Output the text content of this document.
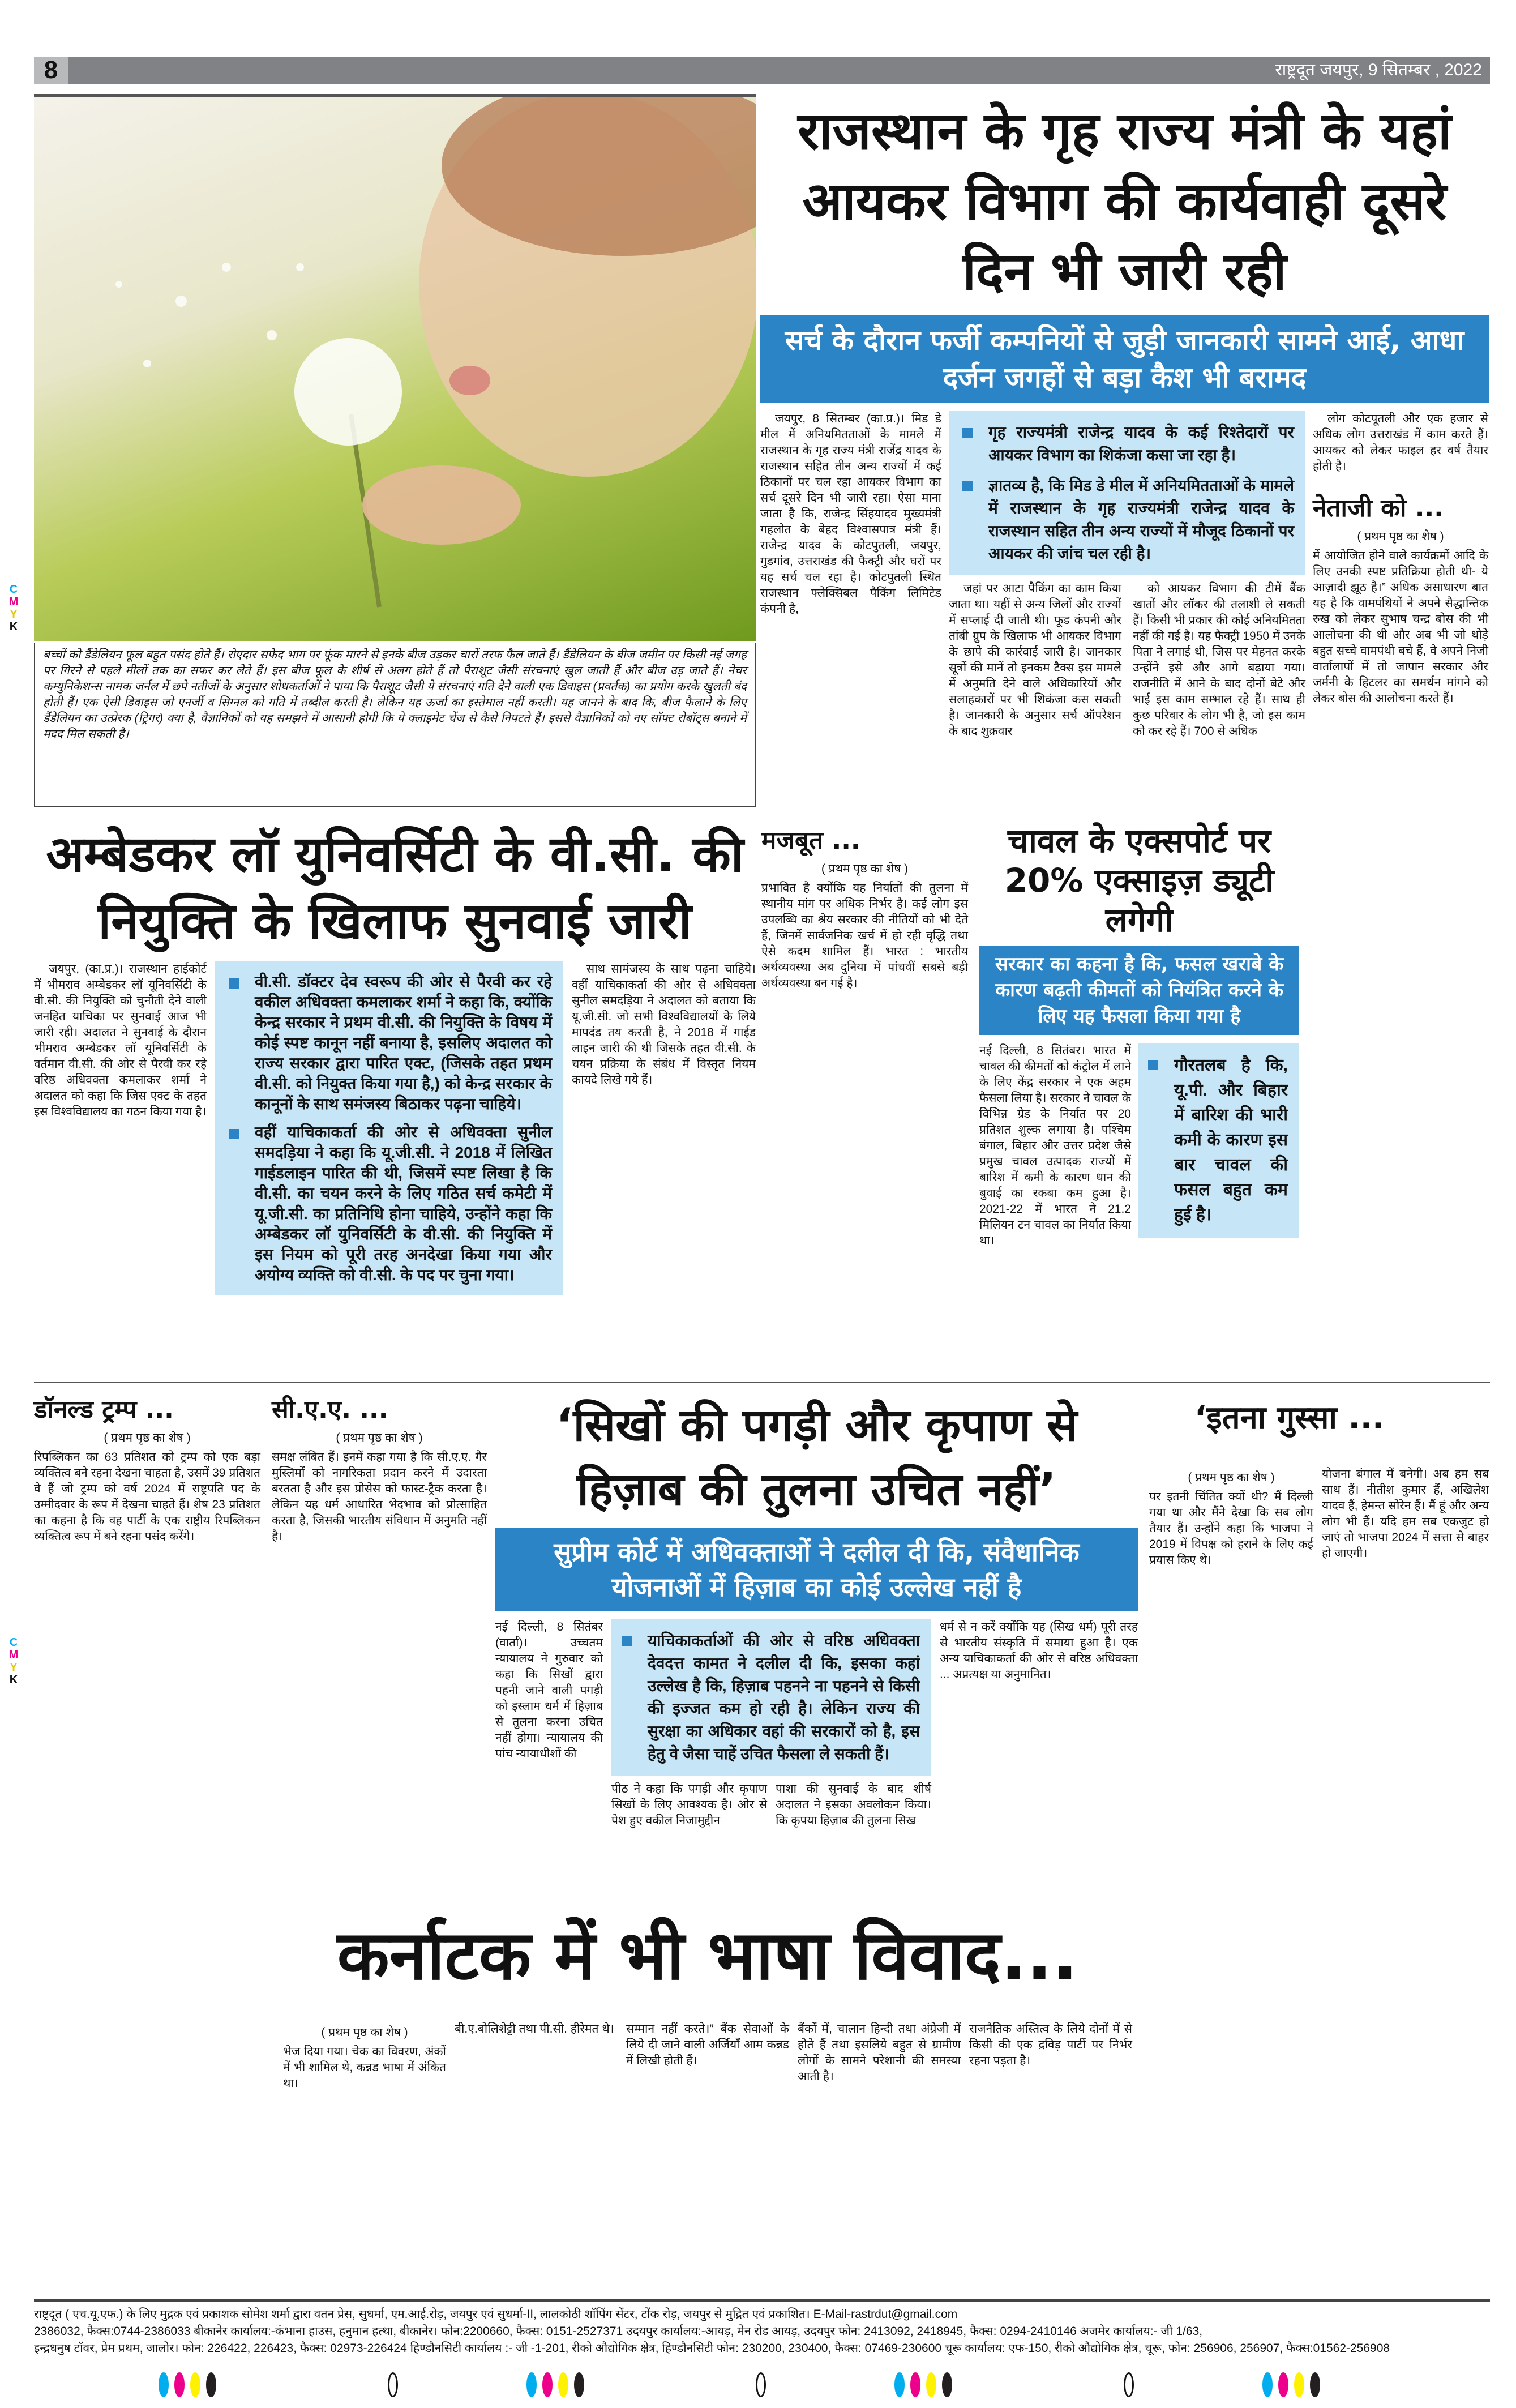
8	राष्ट्रदूत जयपुर, 9 सितम्बर , 2022
C
M
Y
K
C
M
Y
K
बच्चों को डैंडेलियन फूल बहुत पसंद होते हैं। रोएदार सफेद भाग पर फूंक मारने से इनके बीज उड़कर चारों तरफ फैल जाते हैं। डैंडेलियन के बीज जमीन पर किसी नई जगह पर गिरने से पहले मीलों तक का सफर कर लेते हैं। इस बीज फूल के शीर्ष से अलग होते हैं तो पैराशूट जैसी संरचनाएं खुल जाती हैं और बीज उड़ जाते हैं। नेचर कम्युनिकेशन्स नामक जर्नल में छपे नतीजों के अनुसार शोधकर्ताओं ने पाया कि पैराशूट जैसी ये संरचनाएं गति देने वाली एक डिवाइस (प्रवर्तक) का प्रयोग करके खुलती बंद होती हैं। एक ऐसी डिवाइस जो एनर्जी व सिग्नल को गति में तब्दील करती है। लेकिन यह ऊर्जा का इस्तेमाल नहीं करती। यह जानने के बाद कि, बीज फैलाने के लिए डैंडेलियन का उत्प्रेरक (ट्रिगर) क्या है, वैज्ञानिकों को यह समझने में आसानी होगी कि ये क्लाइमेट चेंज से कैसे निपटते हैं। इससे वैज्ञानिकों को नए सॉफ्ट रोबॉट्स बनाने में मदद मिल सकती है।
राजस्थान के गृह राज्य मंत्री के यहां आयकर विभाग की कार्यवाही दूसरे दिन भी जारी रही
सर्च के दौरान फर्जी कम्पनियों से जुड़ी जानकारी सामने आई, आधा दर्जन जगहों से बड़ा कैश भी बरामद

जयपुर, 8 सितम्बर (का.प्र.)। मिड डे मील में अनियमितताओं के मामले में राजस्थान के गृह राज्य मंत्री राजेंद्र यादव के राजस्थान सहित तीन अन्य राज्यों में कई ठिकानों पर चल रहा आयकर विभाग का सर्च दूसरे दिन भी जारी रहा। ऐसा माना जाता है कि, राजेन्द्र सिंहयादव मुख्यमंत्री गहलोत के बेहद विश्वासपात्र मंत्री हैं। राजेन्द्र यादव के कोटपुतली, जयपुर, गुडगांव, उत्तराखंड की फैक्ट्री और घरों पर यह सर्च चल रहा है। कोटपुतली स्थित राजस्थान फ्लेक्सिबल पैकिंग लिमिटेड कंपनी है,

गृह राज्यमंत्री राजेन्द्र यादव के कई रिश्तेदारों पर आयकर विभाग का शिकंजा कसा जा रहा है।

ज्ञातव्य है, कि मिड डे मील में अनियमितताओं के मामले में राजस्थान के गृह राज्यमंत्री राजेन्द्र यादव के राजस्थान सहित तीन अन्य राज्यों में मौजूद ठिकानों पर आयकर की जांच चल रही है।

जहां पर आटा पैकिंग का काम किया जाता था। यहीं से अन्य जिलों और राज्यों में सप्लाई दी जाती थी। फूड कंपनी और तांबी ग्रुप के खिलाफ भी आयकर विभाग के छापे की कार्रवाई जारी है। जानकार सूत्रों की मानें तो इनकम टैक्स इस मामले में अनुमति देने वाले अधिकारियों और सलाहकारों पर भी शिकंजा कस सकती है। जानकारी के अनुसार सर्च ऑपरेशन के बाद शुक्रवार

को आयकर विभाग की टीमें बैंक खातों और लॉकर की तलाशी ले सकती हैं। किसी भी प्रकार की कोई अनियमितता नहीं की गई है। यह फैक्ट्री 1950 में उनके पिता ने लगाई थी, जिस पर मेहनत करके उन्होंने इसे और आगे बढ़ाया गया। राजनीति में आने के बाद दोनों बेटे और भाई इस काम सम्भाल रहे हैं। साथ ही कुछ परिवार के लोग भी है, जो इस काम को कर रहे हैं। 700 से अधिक

लोग कोटपूतली और एक हजार से अधिक लोग उत्तराखंड में काम करते हैं। आयकर को लेकर फाइल हर वर्ष तैयार होती है।

नेताजी को ...
( प्रथम पृष्ठ का शेष )
में आयोजित होने वाले कार्यक्रमों आदि के लिए उनकी स्पष्ट प्रतिक्रिया होती थी- ये आज़ादी झूठ है।” अधिक असाधारण बात यह है कि वामपंथियों ने अपने सैद्धान्तिक रुख को लेकर सुभाष चन्द्र बोस की भी आलोचना की थी और अब भी जो थोड़े बहुत सच्चे वामपंथी बचे हैं, वे अपने निजी वार्तालापों में तो जापान सरकार और जर्मनी के हिटलर का समर्थन मांगने को लेकर बोस की आलोचना करते हैं।
अम्बेडकर लॉ युनिवर्सिटी के वी.सी. की नियुक्ति के खिलाफ सुनवाई जारी

जयपुर, (का.प्र.)। राजस्थान हाईकोर्ट में भीमराव अम्बेडकर लॉ यूनिवर्सिटी के वी.सी. की नियुक्ति को चुनौती देने वाली जनहित याचिका पर सुनवाई आज भी जारी रही। अदालत ने सुनवाई के दौरान भीमराव अम्बेडकर लॉ यूनिवर्सिटी के वर्तमान वी.सी. की ओर से पैरवी कर रहे वरिष्ठ अधिवक्ता कमलाकर शर्मा ने अदालत को कहा कि जिस एक्ट के तहत इस विश्वविद्यालय का गठन किया गया है।

वी.सी. डॉक्टर देव स्वरूप की ओर से पैरवी कर रहे वकील अधिवक्ता कमलाकर शर्मा ने कहा कि, क्योंकि केन्द्र सरकार ने प्रथम वी.सी. की नियुक्ति के विषय में कोई स्पष्ट कानून नहीं बनाया है, इसलिए अदालत को राज्य सरकार द्वारा पारित एक्ट, (जिसके तहत प्रथम वी.सी. को नियुक्त किया गया है,) को केन्द्र सरकार के कानूनों के साथ समंजस्य बिठाकर पढ़ना चाहिये।

वहीं याचिकाकर्ता की ओर से अधिवक्ता सुनील समदड़िया ने कहा कि यू.जी.सी. ने 2018 में लिखित गाईडलाइन पारित की थी, जिसमें स्पष्ट लिखा है कि वी.सी. का चयन करने के लिए गठित सर्च कमेटी में यू.जी.सी. का प्रतिनिधि होना चाहिये, उन्होंने कहा कि अम्बेडकर लॉ युनिवर्सिटी के वी.सी. की नियुक्ति में इस नियम को पूरी तरह अनदेखा किया गया और अयोग्य व्यक्ति को वी.सी. के पद पर चुना गया।

साथ सामंजस्य के साथ पढ़ना चाहिये। वहीं याचिकाकर्ता की ओर से अधिवक्ता सुनील समदड़िया ने अदालत को बताया कि यू.जी.सी. जो सभी विश्वविद्यालयों के लिये मापदंड तय करती है, ने 2018 में गाईड लाइन जारी की थी जिसके तहत वी.सी. के चयन प्रक्रिया के संबंध में विस्तृत नियम कायदे लिखे गये हैं।

मजबूत ...
( प्रथम पृष्ठ का शेष )
प्रभावित है क्योंकि यह निर्यातों की तुलना में स्थानीय मांग पर अधिक निर्भर है। कई लोग इस उपलब्धि का श्रेय सरकार की नीतियों को भी देते हैं, जिनमें सार्वजनिक खर्च में हो रही वृद्धि तथा ऐसे कदम शामिल हैं। भारत : भारतीय अर्थव्यवस्था अब दुनिया में पांचवीं सबसे बड़ी अर्थव्यवस्था बन गई है।
चावल के एक्सपोर्ट पर 20% एक्साइज़ ड्यूटी लगेगी
सरकार का कहना है कि, फसल खराबे के कारण बढ़ती कीमतों को नियंत्रित करने के लिए यह फैसला किया गया है

गौरतलब है कि, यू.पी. और बिहार में बारिश की भारी कमी के कारण इस बार चावल की फसल बहुत कम हुई है।

नई दिल्ली, 8 सितंबर। भारत में चावल की कीमतों को कंट्रोल में लाने के लिए केंद्र सरकार ने एक अहम फैसला लिया है। सरकार ने चावल के विभिन्न ग्रेड के निर्यात पर 20 प्रतिशत शुल्क लगाया है। पश्चिम बंगाल, बिहार और उत्तर प्रदेश जैसे प्रमुख चावल उत्पादक राज्यों में बारिश में कमी के कारण धान की बुवाई का रकबा कम हुआ है। 2021-22 में भारत ने 21.2 मिलियन टन चावल का निर्यात किया था।
डॉनल्ड ट्रम्प ...
( प्रथम पृष्ठ का शेष )
रिपब्लिकन का 63 प्रतिशत को ट्रम्प को एक बड़ा व्यक्तित्व बने रहना देखना चाहता है, उसमें 39 प्रतिशत वे हैं जो ट्रम्प को वर्ष 2024 में राष्ट्रपति पद के उम्मीदवार के रूप में देखना चाहते हैं। शेष 23 प्रतिशत का कहना है कि वह पार्टी के एक राष्ट्रीय रिपब्लिकन व्यक्तित्व रूप में बने रहना पसंद करेंगे।
सी.ए.ए. ...
( प्रथम पृष्ठ का शेष )
समक्ष लंबित हैं। इनमें कहा गया है कि सी.ए.ए. गैर मुस्लिमों को नागरिकता प्रदान करने में उदारता बरतता है और इस प्रोसेस को फास्ट-ट्रैक करता है। लेकिन यह धर्म आधारित भेदभाव को प्रोत्साहित करता है, जिसकी भारतीय संविधान में अनुमति नहीं है।
‘सिखों की पगड़ी और कृपाण से हिज़ाब की तुलना उचित नहीं’
सुप्रीम कोर्ट में अधिवक्ताओं ने दलील दी कि, संवैधानिक योजनाओं में हिज़ाब का कोई उल्लेख नहीं है
नई दिल्ली, 8 सितंबर (वार्ता)। उच्चतम न्यायालय ने गुरुवार को कहा कि सिखों द्वारा पहनी जाने वाली पगड़ी को इस्लाम धर्म में हिज़ाब से तुलना करना उचित नहीं होगा। न्यायालय की पांच न्यायाधीशों की

याचिकाकर्ताओं की ओर से वरिष्ठ अधिवक्ता देवदत्त कामत ने दलील दी कि, इसका कहां उल्लेख है कि, हिज़ाब पहनने ना पहनने से किसी की इज्जत कम हो रही है। लेकिन राज्य की सुरक्षा का अधिकार वहां की सरकारों को है, इस हेतु वे जैसा चाहें उचित फैसला ले सकती हैं।

पीठ ने कहा कि पगड़ी और कृपाण सिखों के लिए आवश्यक है। ओर से पेश हुए वकील निजामुद्दीन
पाशा की सुनवाई के बाद शीर्ष अदालत ने इसका अवलोकन किया। कि कृपया हिज़ाब की तुलना सिख
धर्म से न करें क्योंकि यह (सिख धर्म) पूरी तरह से भारतीय संस्कृति में समाया हुआ है। एक अन्य याचिकाकर्ता की ओर से वरिष्ठ अधिवक्ता ... अप्रत्यक्ष या अनुमानित।
‘इतना गुस्सा ...
( प्रथम पृष्ठ का शेष )
पर इतनी चिंतित क्यों थी? मैं दिल्ली गया था और मैंने देखा कि सब लोग तैयार हैं। उन्होंने कहा कि भाजपा ने 2019 में विपक्ष को हराने के लिए कई प्रयास किए थे।
योजना बंगाल में बनेगी। अब हम सब साथ हैं। नीतीश कुमार हैं, अखिलेश यादव हैं, हेमन्त सोरेन हैं। मैं हूं और अन्य लोग भी हैं। यदि हम सब एकजुट हो जाएं तो भाजपा 2024 में सत्ता से बाहर हो जाएगी।
कर्नाटक में भी भाषा विवाद...
( प्रथम पृष्ठ का शेष )
भेज दिया गया। चेक का विवरण, अंकों में भी शामिल थे, कन्नड भाषा में अंकित था।
बी.ए.बोलिशेट्टी तथा पी.सी. हीरेमत थे। सम्मान नहीं करते।” बैंक सेवाओं के लिये दी जाने वाली अर्जियाँ आम कन्नड में लिखी होती हैं।
बैंकों में, चालान हिन्दी तथा अंग्रेजी में होते हैं तथा इसलिये बहुत से ग्रामीण लोगों के सामने परेशानी की समस्या आती है।
राजनैतिक अस्तित्व के लिये दोनों में से किसी की एक द्रविड़ पार्टी पर निर्भर रहना पड़ता है।
राष्ट्रदूत ( एच.यू.एफ.) के लिए मुद्रक एवं प्रकाशक सोमेश शर्मा द्वारा वतन प्रेस, सुधर्मा, एम.आई.रोड़, जयपुर एवं सुधर्मा-II, लालकोठी शॉपिंग सेंटर, टोंक रोड़, जयपुर से मुद्रित एवं प्रकाशित। E-Mail-rastrdut@gmail.com
2386032, फैक्स:0744-2386033 बीकानेर कार्यालय:-कंभाना हाउस, हनुमान हत्था, बीकानेर। फोन:2200660, फैक्स: 0151-2527371 उदयपुर कार्यालय:-आयड़, मेन रोड आयड़, उदयपुर फोन: 2413092, 2418945, फैक्स: 0294-2410146 अजमेर कार्यालय:- जी 1/63,
इन्द्रधनुष टॉवर, प्रेम प्रथम, जालोर। फोन: 226422, 226423, फैक्स: 02973-226424 हिण्डौनसिटी कार्यालय :- जी -1-201, रीको औद्योगिक क्षेत्र, हिण्डौनसिटी फोन: 230200, 230400, फैक्स: 07469-230600 चूरू कार्यालय: एफ-150, रीको औद्योगिक क्षेत्र, चूरू, फोन: 256906, 256907, फैक्स:01562-256908
